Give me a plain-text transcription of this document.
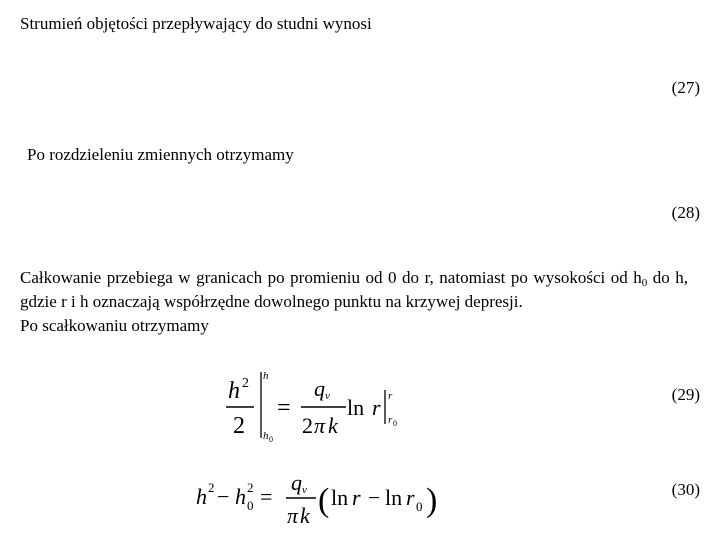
Strumień objętości przepływający do studni wynosi
(27)
Po rozdzieleniu zmiennych otrzymamy
(28)

Całkowanie przebiega w granicach po promieniu od 0 do r, natomiast po wysokości od $h_0$ do h, gdzie r i h oznaczają współrzędne dowolnego punktu na krzywej depresji.

Po scałkowaniu otrzymamy

h 2
2
h
h 0
=
q v
2 π k
ln r r
r 0
h 2 − h 0
2 =
q v
π k ( ln r − ln r 0 )
(29)
(30)
